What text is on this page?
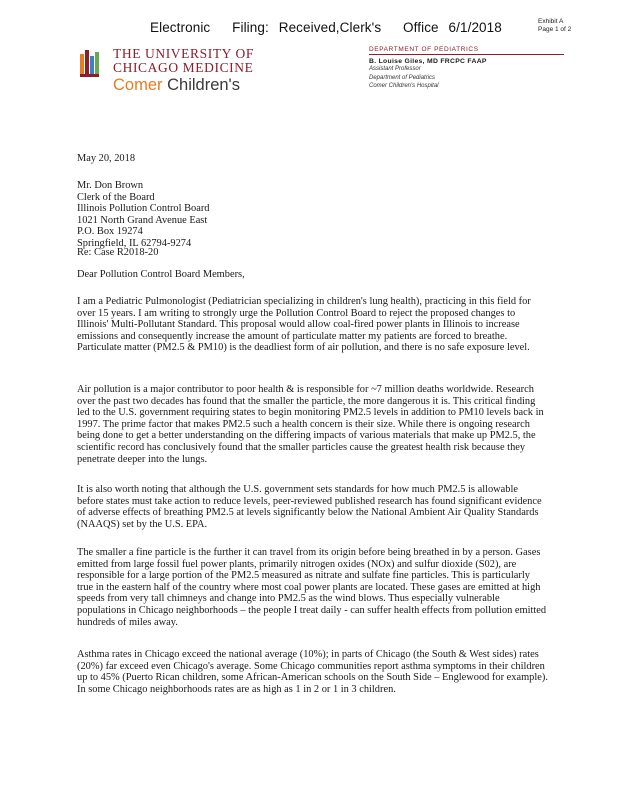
Electronic Filing: Received,Clerk's Office 6/1/2018	Exhibit A
Page 1 of 2
THE UNIVERSITY OF
CHICAGO MEDICINE
Comer Children's
DEPARTMENT OF PEDIATRICS
B. Louise Giles, MD FRCPC FAAP
Assistant Professor
Department of Pediatrics
Comer Children's Hospital
May 20, 2018
Mr. Don Brown
Clerk of the Board
Illinois Pollution Control Board
1021 North Grand Avenue East
P.O. Box 19274
Springfield, IL 62794-9274
Re: Case R2018-20
Dear Pollution Control Board Members,
I am a Pediatric Pulmonologist (Pediatrician specializing in children's lung health), practicing in this field for over 15 years. I am writing to strongly urge the Pollution Control Board to reject the proposed changes to Illinois' Multi-Pollutant Standard. This proposal would allow coal-fired power plants in Illinois to increase emissions and consequently increase the amount of particulate matter my patients are forced to breathe. Particulate matter (PM2.5 & PM10) is the deadliest form of air pollution, and there is no safe exposure level.
Air pollution is a major contributor to poor health & is responsible for ~7 million deaths worldwide. Research over the past two decades has found that the smaller the particle, the more dangerous it is. This critical finding led to the U.S. government requiring states to begin monitoring PM2.5 levels in addition to PM10 levels back in 1997. The prime factor that makes PM2.5 such a health concern is their size. While there is ongoing research being done to get a better understanding on the differing impacts of various materials that make up PM2.5, the scientific record has conclusively found that the smaller particles cause the greatest health risk because they penetrate deeper into the lungs.
It is also worth noting that although the U.S. government sets standards for how much PM2.5 is allowable before states must take action to reduce levels, peer-reviewed published research has found significant evidence of adverse effects of breathing PM2.5 at levels significantly below the National Ambient Air Quality Standards (NAAQS) set by the U.S. EPA.
The smaller a fine particle is the further it can travel from its origin before being breathed in by a person. Gases emitted from large fossil fuel power plants, primarily nitrogen oxides (NOx) and sulfur dioxide (S02), are responsible for a large portion of the PM2.5 measured as nitrate and sulfate fine particles. This is particularly true in the eastern half of the country where most coal power plants are located. These gases are emitted at high speeds from very tall chimneys and change into PM2.5 as the wind blows. Thus especially vulnerable populations in Chicago neighborhoods – the people I treat daily - can suffer health effects from pollution emitted hundreds of miles away.
Asthma rates in Chicago exceed the national average (10%); in parts of Chicago (the South & West sides) rates (20%) far exceed even Chicago's average. Some Chicago communities report asthma symptoms in their children up to 45% (Puerto Rican children, some African-American schools on the South Side – Englewood for example). In some Chicago neighborhoods rates are as high as 1 in 2 or 1 in 3 children.
